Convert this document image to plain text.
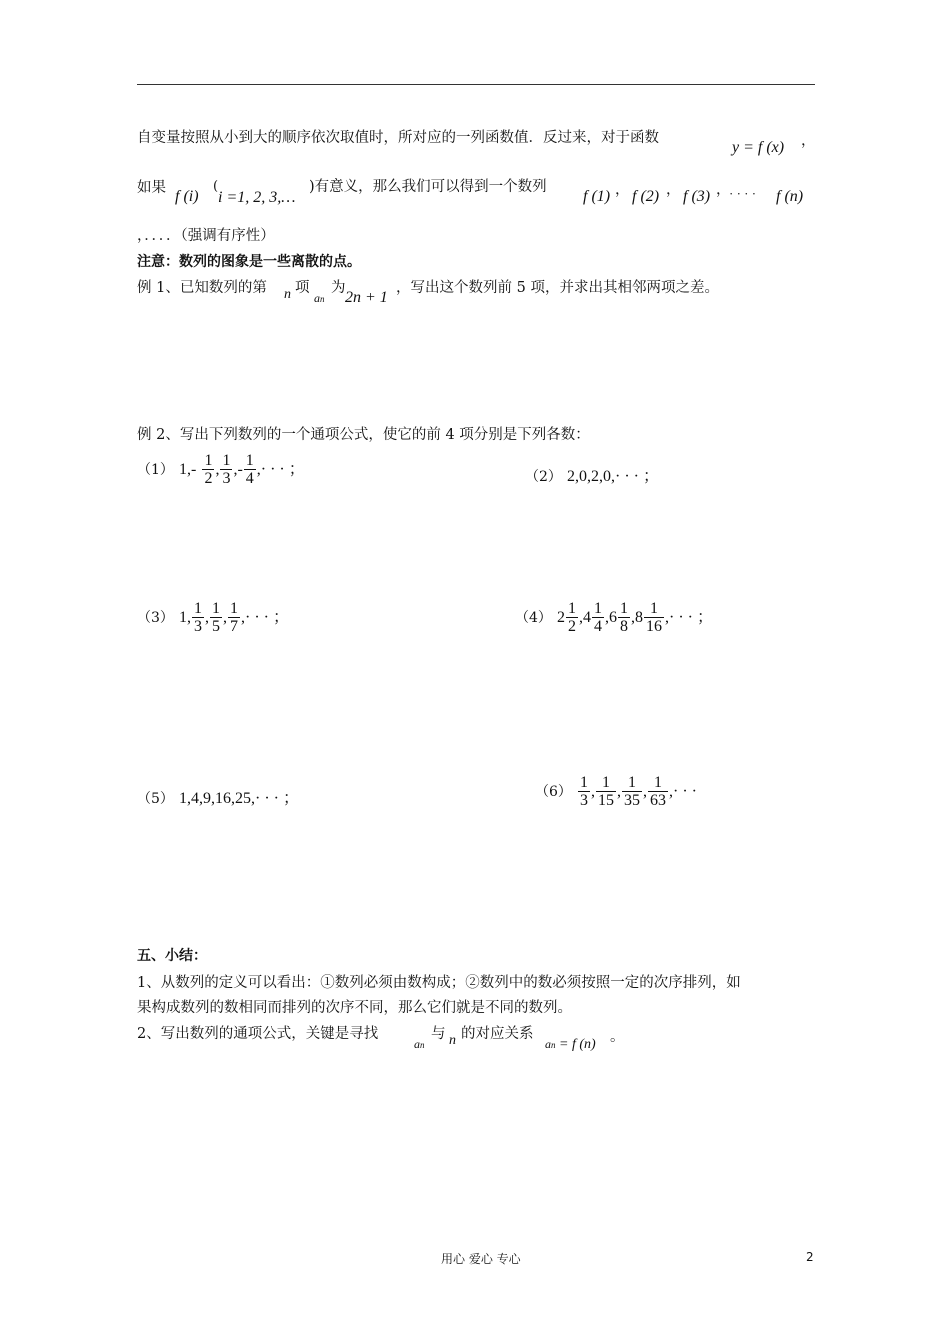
自变量按照从小到大的顺序依次取值时，所对应的一列函数值．反过来，对于函数
y = f (x) ，
如果 f (i)
(
i =1, 2, 3,…
)有意义，那么我们可以得到一个数列
f (1) ， f (2) ， f (3) ，
· · · · f (n)
，．．．．（强调有序性）
注意：数列的图象是一些离散的点。
例 1、已知数列的第 n 项
an
为
2n + 1
，写出这个数列前 5 项，并求出其相邻两项之差。
例 2、写出下列数列的一个通项公式，使它的前 4 项分别是下列各数：
（1） $1,- \frac{1}{2}$ , $\frac{1}{3}$ ,- $\frac{1}{4}$ ,· · · ；	（2） 2,0,2,0,· · · ；
（3） 1, $\frac{1}{3}$ , $\frac{1}{5}$ , $\frac{1}{7}$ ,· · · ；	（4） $2 \frac{1}{2} ,4 \frac{1}{4} ,6 \frac{1}{8} ,8 \frac{1}{16}$ ,· · · ；
（5） 1,4,9,16,25,· · · ；	$(6) \frac{1}{3}$ , $\frac{1}{15}$ , $\frac{1}{35}$ , $\frac{1}{63}$ ,· · ·
五、小结：
1、从数列的定义可以看出：①数列必须由数构成；②数列中的数必须按照一定的次序排列，如
果构成数列的数相同而排列的次序不同，那么它们就是不同的数列。
2、写出数列的通项公式，关键是寻找
an
与 n 的对应关系
an = f (n) 。
用心 爱心 专心	2
